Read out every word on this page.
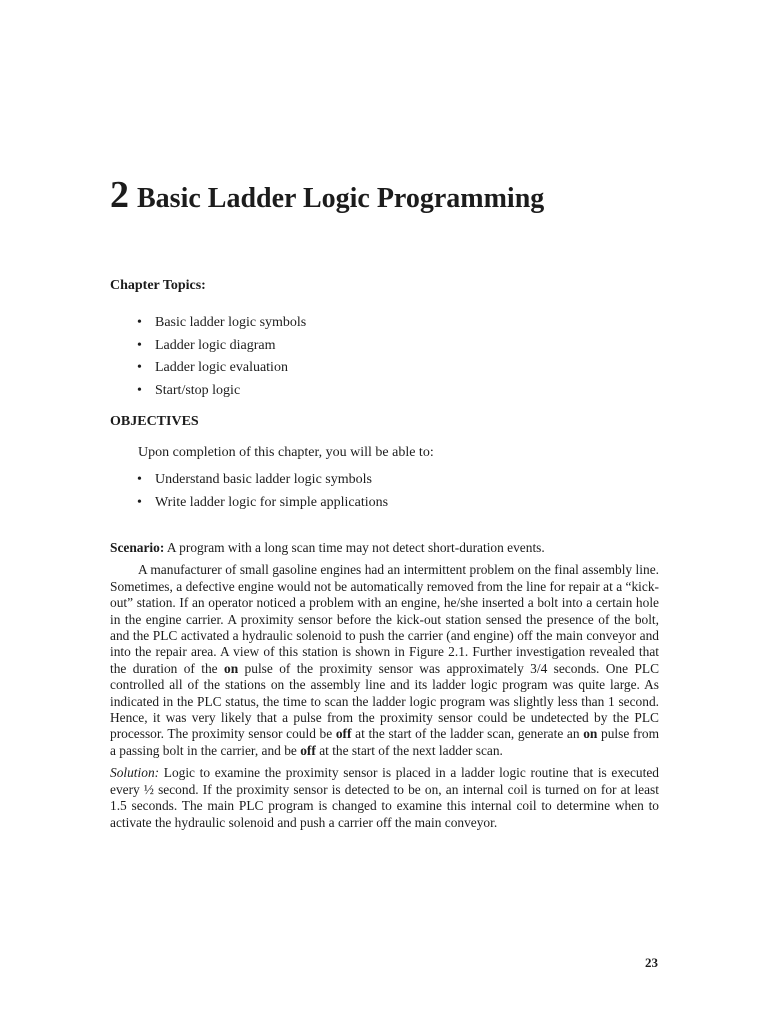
2 Basic Ladder Logic Programming
Chapter Topics:
• Basic ladder logic symbols
• Ladder logic diagram
• Ladder logic evaluation
• Start/stop logic
OBJECTIVES
Upon completion of this chapter, you will be able to:
• Understand basic ladder logic symbols
• Write ladder logic for simple applications

Scenario: A program with a long scan time may not detect short-duration events.

A manufacturer of small gasoline engines had an intermittent problem on the final assembly line. Sometimes, a defective engine would not be automatically removed from the line for repair at a “kick-out” station. If an operator noticed a problem with an engine, he/she inserted a bolt into a certain hole in the engine carrier. A proximity sensor before the kick-out station sensed the presence of the bolt, and the PLC activated a hydraulic solenoid to push the carrier (and engine) off the main conveyor and into the repair area. A view of this station is shown in Figure 2.1. Further investigation revealed that the duration of the on pulse of the proximity sensor was approximately 3/4 seconds. One PLC controlled all of the stations on the assembly line and its ladder logic program was quite large. As indicated in the PLC status, the time to scan the ladder logic program was slightly less than 1 second. Hence, it was very likely that a pulse from the proximity sensor could be undetected by the PLC processor. The proximity sensor could be off at the start of the ladder scan, generate an on pulse from a passing bolt in the carrier, and be off at the start of the next ladder scan.

Solution: Logic to examine the proximity sensor is placed in a ladder logic routine that is executed every ½ second. If the proximity sensor is detected to be on, an internal coil is turned on for at least 1.5 seconds. The main PLC program is changed to examine this internal coil to determine when to activate the hydraulic solenoid and push a carrier off the main conveyor.

23
